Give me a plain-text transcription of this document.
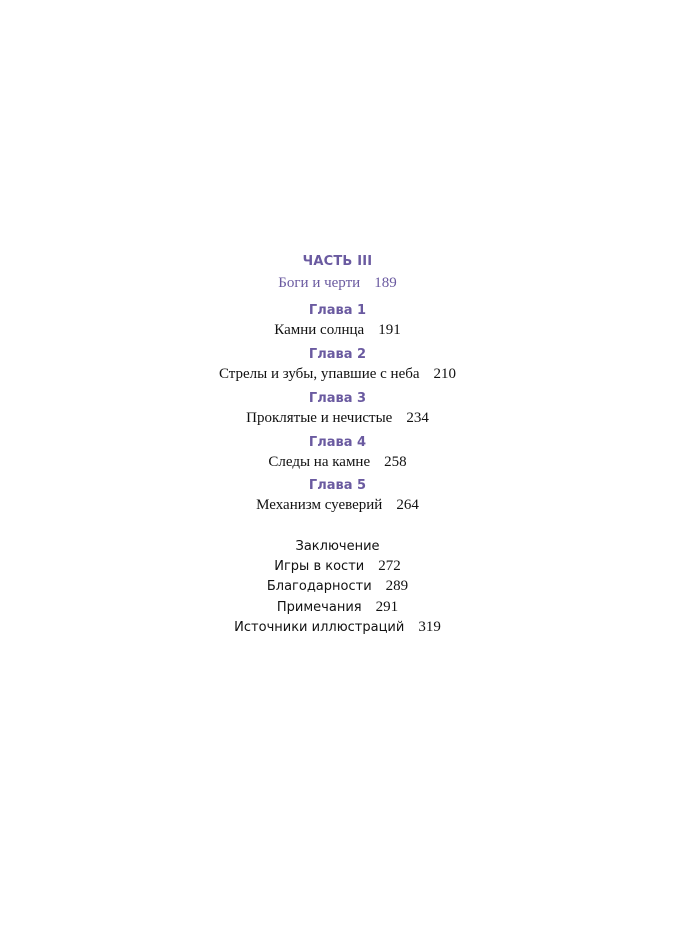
ЧАСТЬ III
Боги и черти 189
Глава 1
Камни солнца 191
Глава 2
Стрелы и зубы, упавшие с неба 210
Глава 3
Проклятые и нечистые 234
Глава 4
Следы на камне 258
Глава 5
Механизм суеверий 264
Заключение
Игры в кости 272
Благодарности 289
Примечания 291
Источники иллюстраций 319
